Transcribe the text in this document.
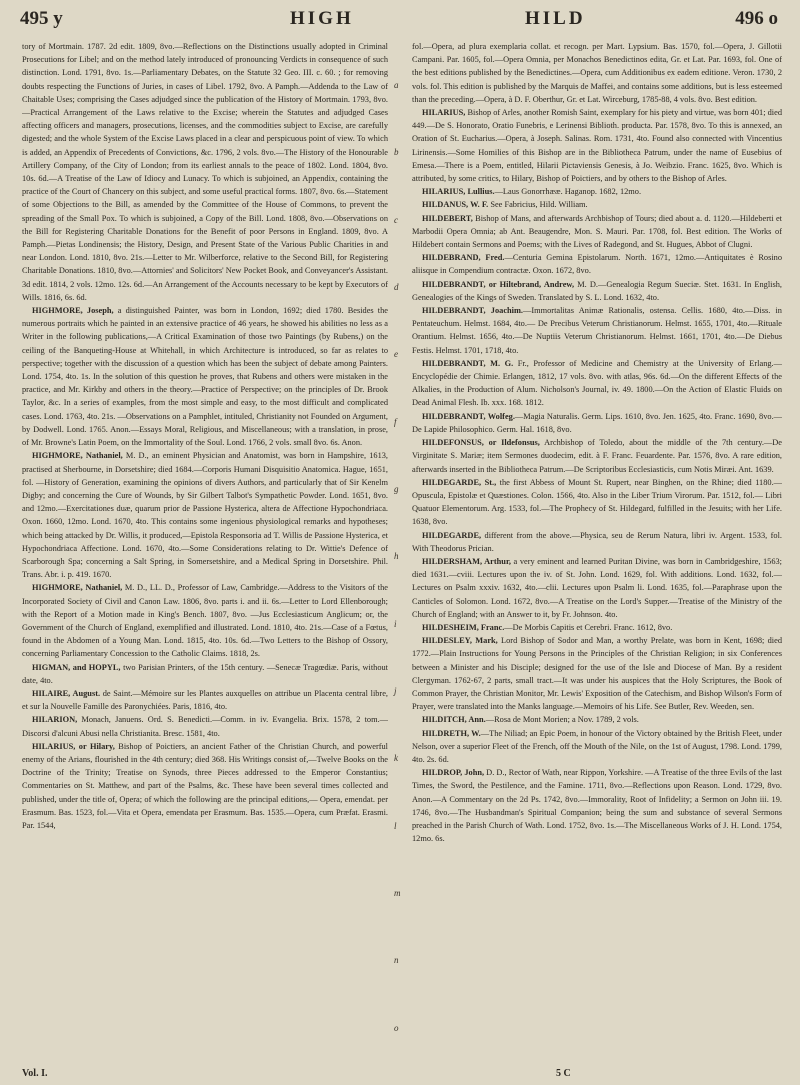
495 y	HIGH	HILD	496 o

tory of Mortmain. 1787. 2d edit. 1809, 8vo.—Reflections on the Distinctions usually adopted in Criminal Prosecutions for Libel; and on the method lately introduced of pronouncing Verdicts in consequence of such distinction. Lond. 1791, 8vo. 1s.—Parliamentary Debates, on the Statute 32 Geo. III. c. 60. ; for removing doubts respecting the Functions of Juries, in cases of Libel. 1792, 8vo. A Pamph.—Addenda to the Law of Chaitable Uses; comprising the Cases adjudged since the publication of the History of Mortmain. 1793, 8vo.—Practical Arrangement of the Laws relative to the Excise; wherein the Statutes and adjudged Cases affecting officers and managers, prosecutions, licenses, and the commodities subject to Excise, are carefully digested; and the whole System of the Excise Laws placed in a clear and perspicuous point of view. To which is added, an Appendix of Precedents of Convictions, &c. 1796, 2 vols. 8vo.—The History of the Honourable Artillery Company, of the City of London; from its earliest annals to the peace of 1802. Lond. 1804, 8vo. 10s. 6d.—A Treatise of the Law of Idiocy and Lunacy. To which is subjoined, an Appendix, containing the practice of the Court of Chancery on this subject, and some useful practical forms. 1807, 8vo. 6s.—Statement of some Objections to the Bill, as amended by the Committee of the House of Commons, to prevent the spreading of the Small Pox. To which is subjoined, a Copy of the Bill. Lond. 1808, 8vo.—Observations on the Bill for Registering Charitable Donations for the Benefit of poor Persons in England. 1809, 8vo. A Pamph.—Pietas Londinensis; the History, Design, and Present State of the Various Public Charities in and near London. Lond. 1810, 8vo. 21s.—Letter to Mr. Wilberforce, relative to the Second Bill, for Registering Charitable Donations. 1810, 8vo.—Attornies' and Solicitors' New Pocket Book, and Conveyancer's Assistant. 3d edit. 1814, 2 vols. 12mo. 12s. 6d.—An Arrangement of the Accounts necessary to be kept by Executors of Wills. 1816, 6s. 6d.

HIGHMORE, Joseph, a distinguished Painter, was born in London, 1692; died 1780. Besides the numerous portraits which he painted in an extensive practice of 46 years, he showed his abilities no less as a Writer in the following publications,—A Critical Examination of those two Paintings (by Rubens,) on the ceiling of the Banqueting-House at Whitehall, in which Architecture is introduced, so far as relates to perspective; together with the discussion of a question which has been the subject of debate among Painters. Lond. 1754, 4to. 1s. In the solution of this question he proves, that Rubens and others were mistaken in the practice, and Mr. Kirkby and others in the theory.—Practice of Perspective; on the principles of Dr. Brook Taylor, &c. In a series of examples, from the most simple and easy, to the most difficult and complicated cases. Lond. 1763, 4to. 21s. —Observations on a Pamphlet, intituled, Christianity not Founded on Argument, by Dodwell. Lond. 1765. Anon.—Essays Moral, Religious, and Miscellaneous; with a translation, in prose, of Mr. Browne's Latin Poem, on the Immortality of the Soul. Lond. 1766, 2 vols. small 8vo. 6s. Anon.

HIGHMORE, Nathaniel, M. D., an eminent Physician and Anatomist, was born in Hampshire, 1613, practised at Sherbourne, in Dorsetshire; died 1684.—Corporis Humani Disquisitio Anatomica. Hague, 1651, fol. —History of Generation, examining the opinions of divers Authors, and particularly that of Sir Kenelm Digby; and concerning the Cure of Wounds, by Sir Gilbert Talbot's Sympathetic Powder. Lond. 1651, 8vo. and 12mo.—Exercitationes duæ, quarum prior de Passione Hysterica, altera de Affectione Hypochondriaca. Oxon. 1660, 12mo. Lond. 1670, 4to. This contains some ingenious physiological remarks and hypotheses; which being attacked by Dr. Willis, it produced,—Epistola Responsoria ad T. Willis de Passione Hysterica, et Hypochondriaca Affectione. Lond. 1670, 4to.—Some Considerations relating to Dr. Wittie's Defence of Scarborough Spa; concerning a Salt Spring, in Somersetshire, and a Medical Spring in Dorsetshire. Phil. Trans. Abr. i. p. 419. 1670.

HIGHMORE, Nathaniel, M. D., LL. D., Professor of Law, Cambridge.—Address to the Visitors of the Incorporated Society of Civil and Canon Law. 1806, 8vo. parts i. and ii. 6s.—Letter to Lord Ellenborough; with the Report of a Motion made in King's Bench. 1807, 8vo. —Jus Ecclesiasticum Anglicum; or, the Government of the Church of England, exemplified and illustrated. Lond. 1810, 4to. 21s.—Case of a Fœtus, found in the Abdomen of a Young Man. Lond. 1815, 4to. 10s. 6d.—Two Letters to the Bishop of Ossory, concerning Parliamentary Concession to the Catholic Claims. 1818, 2s.

HIGMAN, and HOPYL, two Parisian Printers, of the 15th century. —Senecæ Tragœdiæ. Paris, without date, 4to.

HILAIRE, August. de Saint.—Mémoire sur les Plantes auxquelles on attribue un Placenta central libre, et sur la Nouvelle Famille des Paronychiées. Paris, 1816, 4to.

HILARION, Monach, Januens. Ord. S. Benedicti.—Comm. in iv. Evangelia. Brix. 1578, 2 tom.—Discorsi d'alcuni Abusi nella Christianita. Bresc. 1581, 4to.

HILARIUS, or Hilary, Bishop of Poictiers, an ancient Father of the Christian Church, and powerful enemy of the Arians, flourished in the 4th century; died 368. His Writings consist of,—Twelve Books on the Doctrine of the Trinity; Treatise on Synods, three Pieces addressed to the Emperor Constantius; Commentaries on St. Matthew, and part of the Psalms, &c. These have been several times collected and published, under the title of, Opera; of which the following are the principal editions,— Opera, emendat. per Erasmum. Bas. 1523, fol.—Vita et Opera, emendata per Erasmum. Bas. 1535.—Opera, cum Præfat. Erasmi. Par. 1544,

a
b
c
d
e
f
g
h
i
j
k
l
m
n
o

fol.—Opera, ad plura exemplaria collat. et recogn. per Mart. Lypsium. Bas. 1570, fol.—Opera, J. Gillotii Campani. Par. 1605, fol.—Opera Omnia, per Monachos Benedictinos edita, Gr. et Lat. Par. 1693, fol. One of the best editions published by the Benedictines.—Opera, cum Additionibus ex eadem editione. Veron. 1730, 2 vols. fol. This edition is published by the Marquis de Maffei, and contains some additions, but is less esteemed than the preceding.—Opera, à D. F. Oberthur, Gr. et Lat. Wirceburg, 1785-88, 4 vols. 8vo. Best edition.

HILARIUS, Bishop of Arles, another Romish Saint, exemplary for his piety and virtue, was born 401; died 449.—De S. Honorato, Oratio Funebris, e Lerinensi Biblioth. producta. Par. 1578, 8vo. To this is annexed, an Oration of St. Eucharius.—Opera, à Joseph. Salinas. Rom. 1731, 4to. Found also connected with Vincentius Lirinensis.—Some Homilies of this Bishop are in the Bibliotheca Patrum, under the name of Eusebius of Emesa.—There is a Poem, entitled, Hilarii Pictaviensis Genesis, à Jo. Weibzio. Franc. 1625, 8vo. Which is attributed, by some critics, to Hilary, Bishop of Poictiers, and by others to the Bishop of Arles.

HILARIUS, Lullius.—Laus Gonorrhææ. Haganop. 1682, 12mo.

HILDANUS, W. F. See Fabricius, Hild. William.

HILDEBERT, Bishop of Mans, and afterwards Archbishop of Tours; died about a. d. 1120.—Hildeberti et Marbodii Opera Omnia; ab Ant. Beaugendre, Mon. S. Mauri. Par. 1708, fol. Best edition. The Works of Hildebert contain Sermons and Poems; with the Lives of Radegond, and St. Hugues, Abbot of Clugni.

HILDEBRAND, Fred.—Centuria Gemina Epistolarum. North. 1671, 12mo.—Antiquitates è Rosino aliisque in Compendium contractæ. Oxon. 1672, 8vo.

HILDEBRANDT, or Hiltebrand, Andrew, M. D.—Genealogia Regum Sueciæ. Stet. 1631. In English, Genealogies of the Kings of Sweden. Translated by S. L. Lond. 1632, 4to.

HILDEBRANDT, Joachim.—Immortalitas Animæ Rationalis, ostensa. Cellis. 1680, 4to.—Diss. in Pentateuchum. Helmst. 1684, 4to.— De Precibus Veterum Christianorum. Helmst. 1655, 1701, 4to.—Rituale Orantium. Helmst. 1656, 4to.—De Nuptiis Veterum Christianorum. Helmst. 1661, 1701, 4to.—De Diebus Festis. Helmst. 1701, 1718, 4to.

HILDEBRANDT, M. G. Fr., Professor of Medicine and Chemistry at the University of Erlang.—Encyclopédie der Chimie. Erlangen, 1812, 17 vols. 8vo. with atlas, 96s. 6d.—On the different Effects of the Alkalies, in the Production of Alum. Nicholson's Journal, iv. 49. 1800.—On the Action of Elastic Fluids on Dead Animal Flesh. Ib. xxx. 168. 1812.

HILDEBRANDT, Wolfeg.—Magia Naturalis. Germ. Lips. 1610, 8vo. Jen. 1625, 4to. Franc. 1690, 8vo.—De Lapide Philosophico. Germ. Hal. 1618, 8vo.

HILDEFONSUS, or Ildefonsus, Archbishop of Toledo, about the middle of the 7th century.—De Virginitate S. Mariæ; item Sermones duodecim, edit. à F. Franc. Feuardente. Par. 1576, 8vo. A rare edition, afterwards inserted in the Bibliotheca Patrum.—De Scriptoribus Ecclesiasticis, cum Notis Miræi. Ant. 1639.

HILDEGARDE, St., the first Abbess of Mount St. Rupert, near Binghen, on the Rhine; died 1180.—Opuscula, Epistolæ et Quæstiones. Colon. 1566, 4to. Also in the Liber Trium Virorum. Par. 1512, fol.— Libri Quatuor Elementorum. Arg. 1533, fol.—The Prophecy of St. Hildegard, fulfilled in the Jesuits; with her Life. 1638, 8vo.

HILDEGARDE, different from the above.—Physica, seu de Rerum Natura, libri iv. Argent. 1533, fol. With Theodorus Prician.

HILDERSHAM, Arthur, a very eminent and learned Puritan Divine, was born in Cambridgeshire, 1563; died 1631.—cviii. Lectures upon the iv. of St. John. Lond. 1629, fol. With additions. Lond. 1632, fol.— Lectures on Psalm xxxiv. 1632, 4to.—clii. Lectures upon Psalm li. Lond. 1635, fol.—Paraphrase upon the Canticles of Solomon. Lond. 1672, 8vo.—A Treatise on the Lord's Supper.—Treatise of the Ministry of the Church of England; with an Answer to it, by Fr. Johnson. 4to.

HILDESHEIM, Franc.—De Morbis Capitis et Cerebri. Franc. 1612, 8vo.

HILDESLEY, Mark, Lord Bishop of Sodor and Man, a worthy Prelate, was born in Kent, 1698; died 1772.—Plain Instructions for Young Persons in the Principles of the Christian Religion; in six Conferences between a Minister and his Disciple; designed for the use of the Isle and Diocese of Man. By a resident Clergyman. 1762-67, 2 parts, small tract.—It was under his auspices that the Holy Scriptures, the Book of Common Prayer, the Christian Monitor, Mr. Lewis' Exposition of the Catechism, and Bishop Wilson's Form of Prayer, were translated into the Manks language.—Memoirs of his Life. See Butler, Rev. Weeden, sen.

HILDITCH, Ann.—Rosa de Mont Morien; a Nov. 1789, 2 vols.

HILDRETH, W.—The Niliad; an Epic Poem, in honour of the Victory obtained by the British Fleet, under Nelson, over a superior Fleet of the French, off the Mouth of the Nile, on the 1st of August, 1798. Lond. 1799, 4to. 2s. 6d.

HILDROP, John, D. D., Rector of Wath, near Rippon, Yorkshire. —A Treatise of the three Evils of the last Times, the Sword, the Pestilence, and the Famine. 1711, 8vo.—Reflections upon Reason. Lond. 1729, 8vo. Anon.—A Commentary on the 2d Ps. 1742, 8vo.—Immorality, Root of Infidelity; a Sermon on John iii. 19. 1746, 8vo.—The Husbandman's Spiritual Companion; being the sum and substance of several Sermons preached in the Parish Church of Wath. Lond. 1752, 8vo. 1s.—The Miscellaneous Works of J. H. Lond. 1754, 12mo. 6s.

Vol. I.	5 C
